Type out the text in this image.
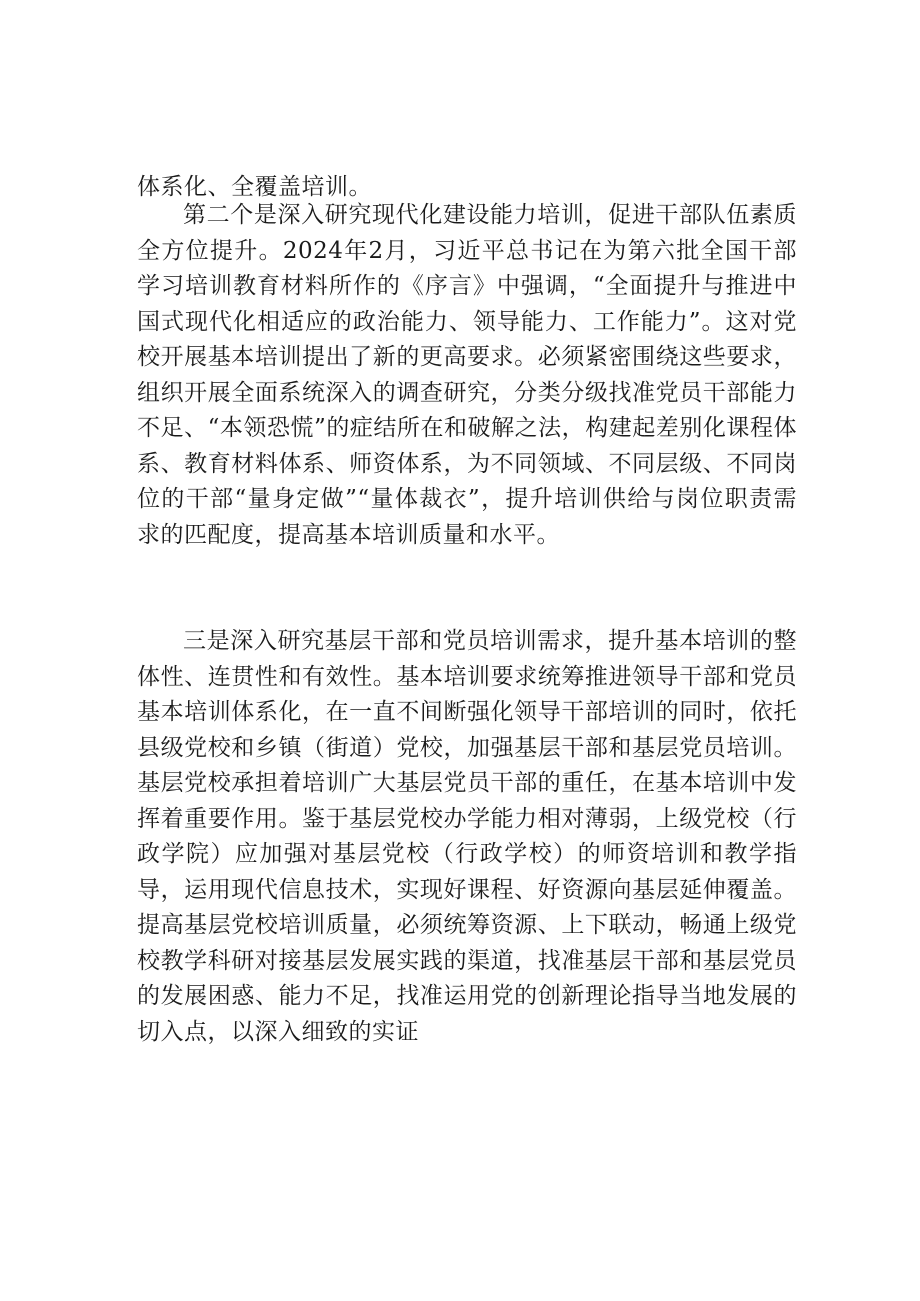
体系化、全覆盖培训。

第二个是深入研究现代化建设能力培训，促进干部队伍素质全方位提升。2024年2月，习近平总书记在为第六批全国干部学习培训教育材料所作的《序言》中强调，“全面提升与推进中国式现代化相适应的政治能力、领导能力、工作能力”。这对党校开展基本培训提出了新的更高要求。必须紧密围绕这些要求，组织开展全面系统深入的调查研究，分类分级找准党员干部能力不足、“本领恐慌”的症结所在和破解之法，构建起差别化课程体系、教育材料体系、师资体系，为不同领域、不同层级、不同岗位的干部“量身定做”“量体裁衣”，提升培训供给与岗位职责需求的匹配度，提高基本培训质量和水平。

三是深入研究基层干部和党员培训需求，提升基本培训的整体性、连贯性和有效性。基本培训要求统筹推进领导干部和党员基本培训体系化，在一直不间断强化领导干部培训的同时，依托县级党校和乡镇（街道）党校，加强基层干部和基层党员培训。基层党校承担着培训广大基层党员干部的重任，在基本培训中发挥着重要作用。鉴于基层党校办学能力相对薄弱，上级党校（行政学院）应加强对基层党校（行政学校）的师资培训和教学指导，运用现代信息技术，实现好课程、好资源向基层延伸覆盖。提高基层党校培训质量，必须统筹资源、上下联动，畅通上级党校教学科研对接基层发展实践的渠道，找准基层干部和基层党员的发展困惑、能力不足，找准运用党的创新理论指导当地发展的切入点，以深入细致的实证
